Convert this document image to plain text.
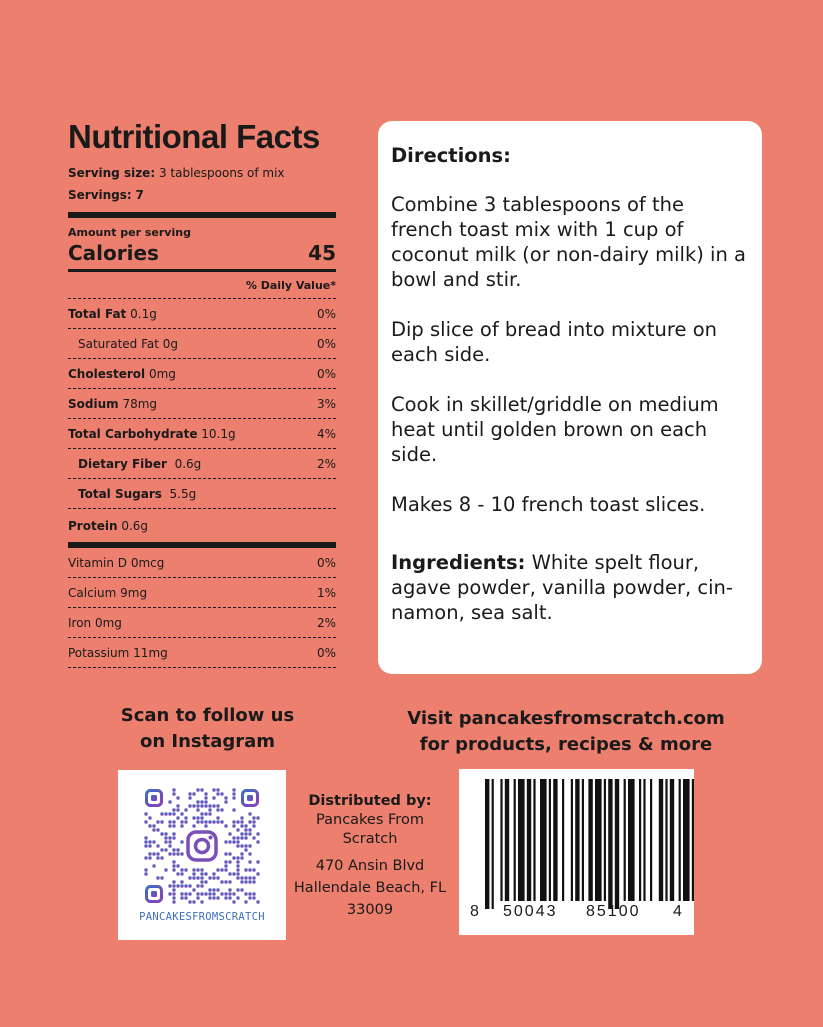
Nutritional Facts
Serving size: 3 tablespoons of mix
Servings: 7
Amount per serving
Calories	45
% Daily Value*
Total Fat 0.1g	0%
Saturated Fat 0g	0%
Cholesterol 0mg	0%
Sodium 78mg	3%
Total Carbohydrate 10.1g	4%
Dietary Fiber 0.6g	2%
Total Sugars 5.5g
Protein 0.6g
Vitamin D 0mcg	0%
Calcium 9mg	1%
Iron 0mg	2%
Potassium 11mg	0%
Directions:

Combine 3 tablespoons of the french toast mix with 1 cup of coconut milk (or non-dairy milk) in a bowl and stir.

Dip slice of bread into mixture on each side.

Cook in skillet/griddle on medium heat until golden brown on each side.

Makes 8 - 10 french toast slices.

Ingredients: White spelt flour, agave powder, vanilla powder, cin-namon, sea salt.

Scan to follow us
on Instagram
Visit pancakesfromscratch.com
for products, recipes & more
PANCAKESFROMSCRATCH
Distributed by:
Pancakes From
Scratch
470 Ansin Blvd
Hallendale Beach, FL
33009	8 50043 85100 4
